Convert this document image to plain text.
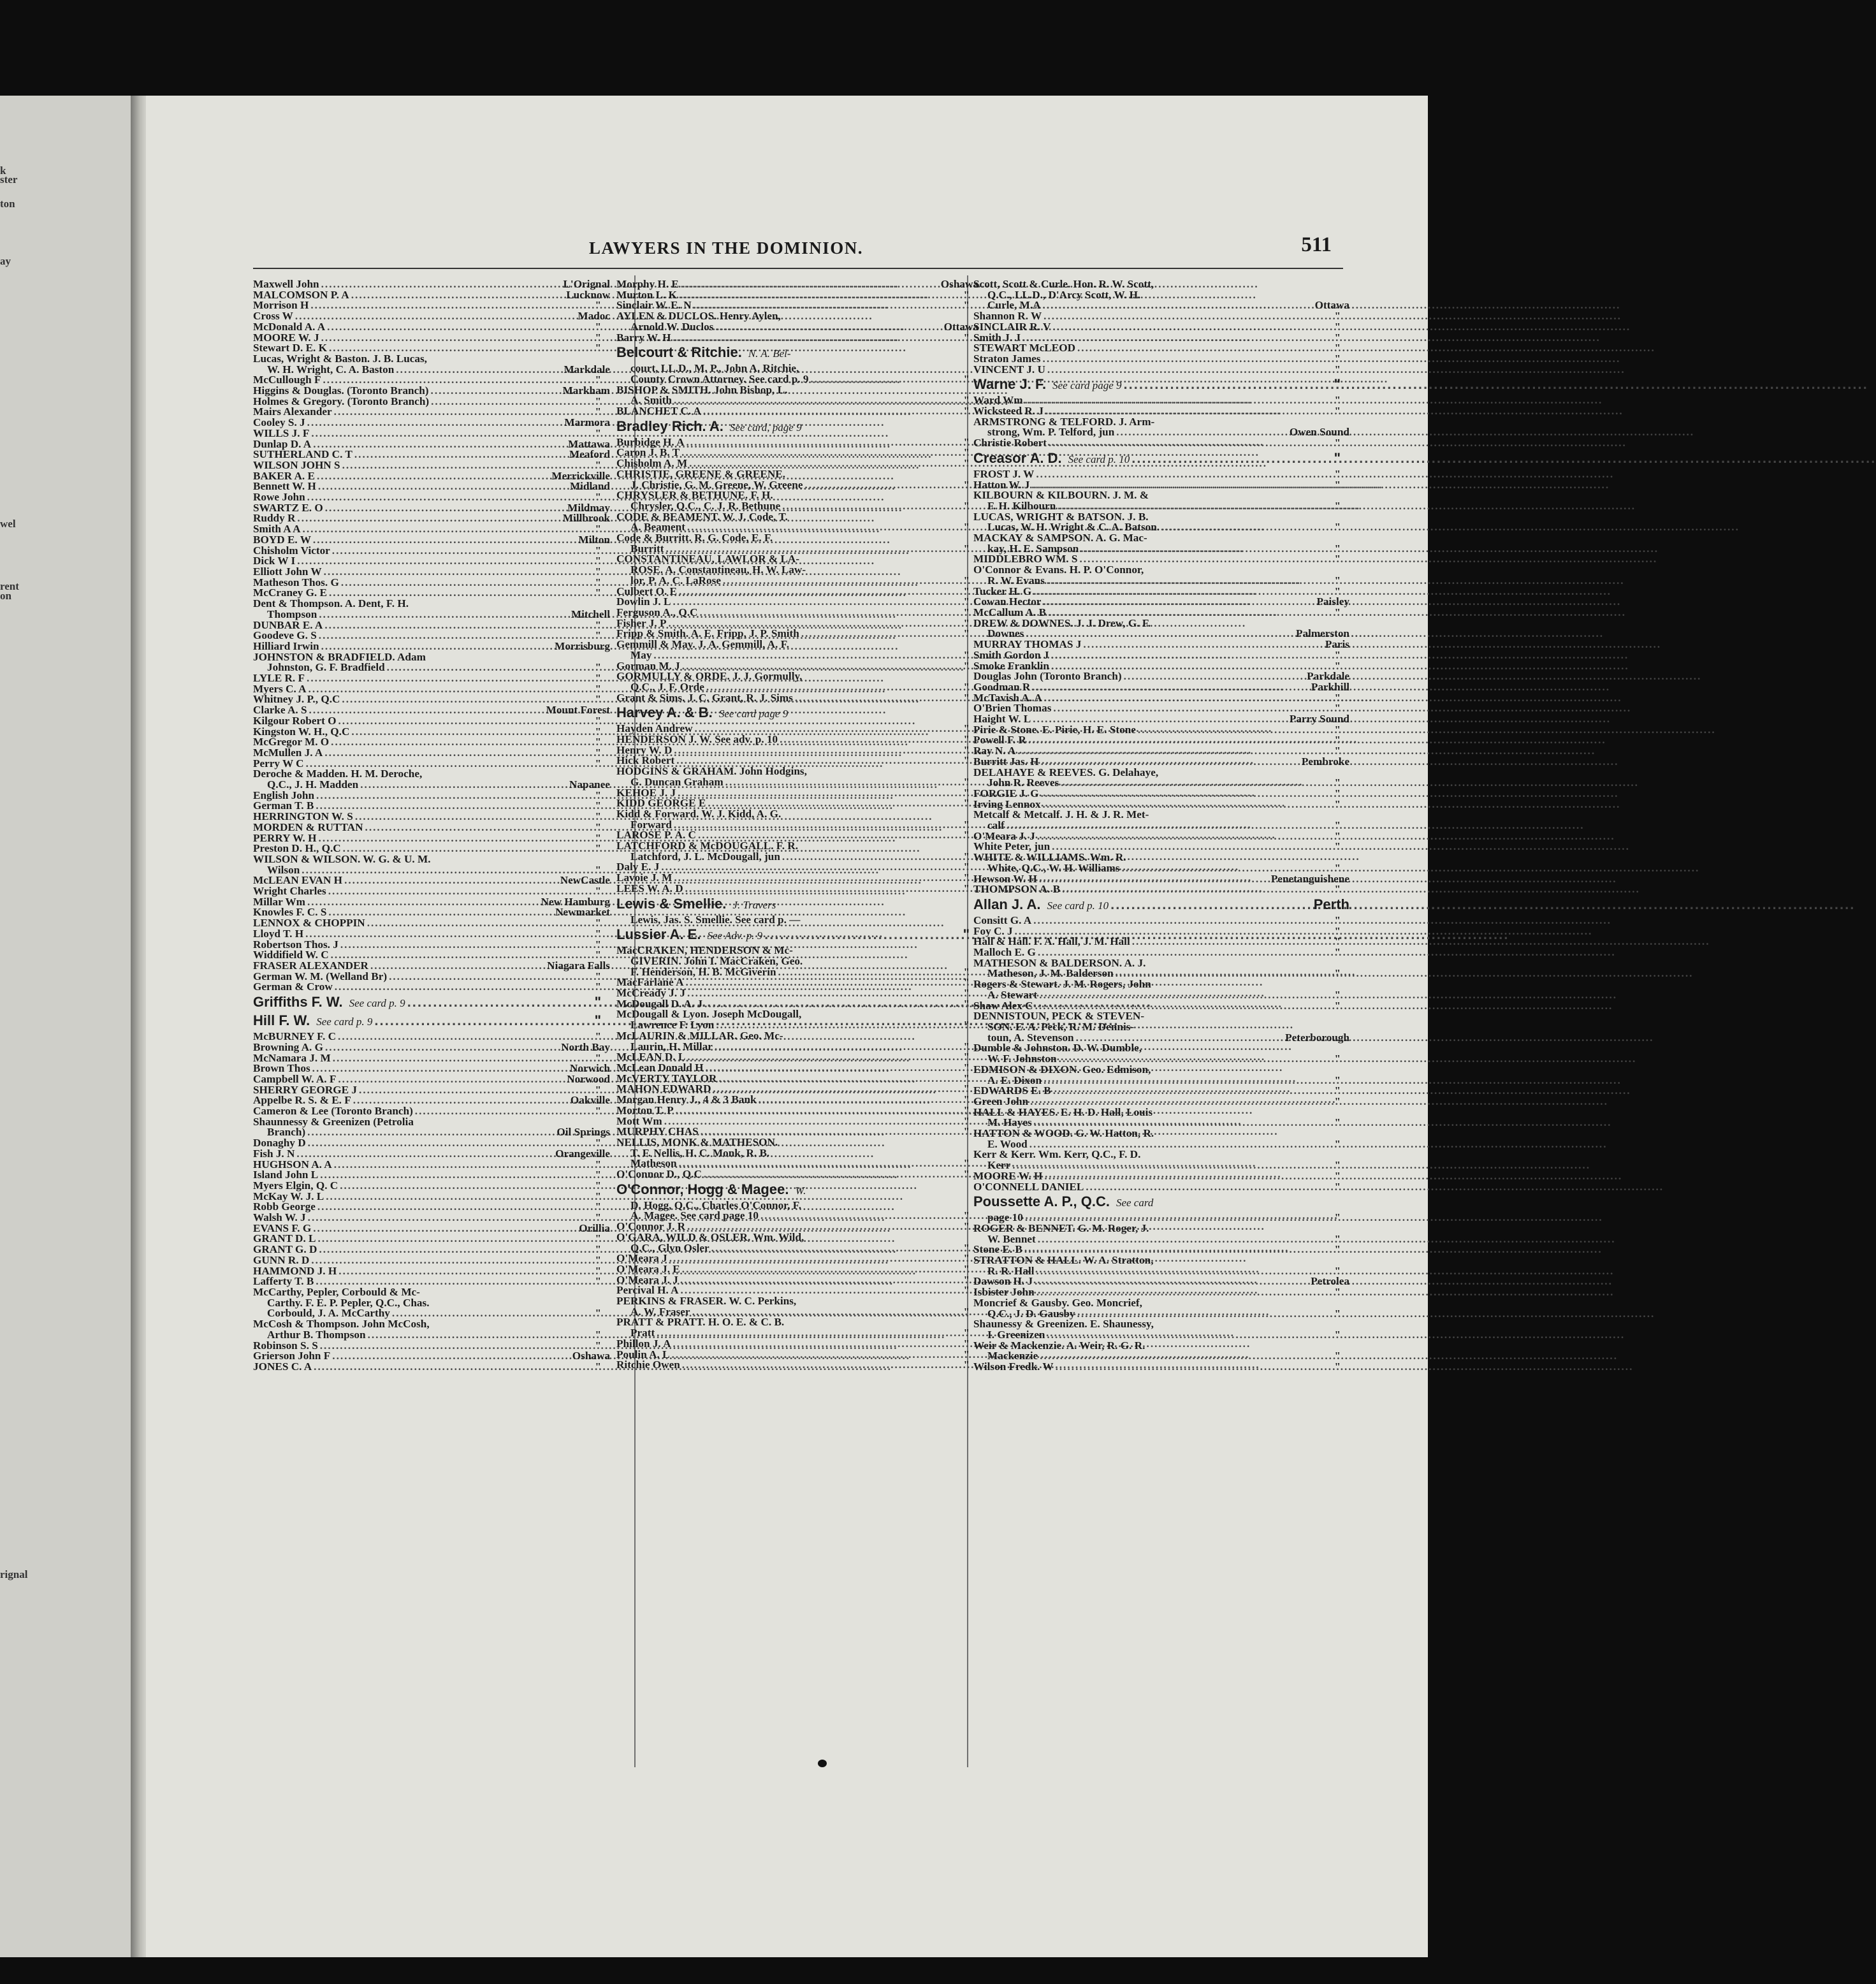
k
ster
ton
ay
wel
rent
on
rignal
LAWYERS IN THE DOMINION.	511
Maxwell John .....	L'Orignal
MALCOMSON P. A .....	Lucknow
Morrison H .....	"
Cross W .....	Madoc
McDonald A. A .....	"
MOORE W. J .....	"
Stewart D. E. K .....	"
Lucas, Wright & Baston. J. B. Lucas,
W. H. Wright, C. A. Baston .....	Markdale
McCullough F .....	"
Higgins & Douglas. (Toronto Branch) .....	Markham
Holmes & Gregory. (Toronto Branch) .....	"
Mairs Alexander .....	"
Cooley S. J .....	Marmora
WILLS J. F .....	"
Dunlap D. A .....	Mattawa
SUTHERLAND C. T .....	Meaford
WILSON JOHN S .....	"
BAKER A. E .....	Merrickville
Bennett W. H .....	Midland
Rowe John .....	"
SWARTZ E. O .....	Mildmay
Ruddy R .....	Millbrook
Smith A A .....	"
BOYD E. W .....	Milton
Chisholm Victor .....	"
Dick W I .....	"
Elliott John W .....	"
Matheson Thos. G .....	"
McCraney G. E .....	"
Dent & Thompson. A. Dent, F. H.
Thompson .....	Mitchell
DUNBAR E. A .....	"
Goodeve G. S .....	"
Hilliard Irwin .....	Morrisburg
JOHNSTON & BRADFIELD. Adam
Johnston, G. F. Bradfield .....	"
LYLE R. F .....	"
Myers C. A .....	"
Whitney J. P., Q.C .....	"
Clarke A. S .....	Mount Forest
Kilgour Robert O .....	"
Kingston W. H., Q.C .....	"
McGregor M. O .....	"
McMullen J. A .....	"
Perry W C .....	"
Deroche & Madden. H. M. Deroche,
Q.C., J. H. Madden .....	Napanee
English John .....	"
German T. B .....	"
HERRINGTON W. S .....	"
MORDEN & RUTTAN .....	"
PERRY W. H .....	"
Preston D. H., Q.C .....	"
WILSON & WILSON. W. G. & U. M.
Wilson .....	"
McLEAN EVAN H .....	NewCastle
Wright Charles .....	"
Millar Wm .....	New Hamburg
Knowles F. C. S .....	Newmarket
LENNOX & CHOPPIN .....	"
Lloyd T. H .....	"
Robertson Thos. J .....	"
Widdifield W. C .....	"
FRASER ALEXANDER .....	Niagara Falls
German W. M. (Welland Br) .....	"
German & Crow .....	"
Griffiths F. W. See card p. 9 .....	"
Hill F. W. See card p. 9 .....	"
McBURNEY F. C .....	"
Browning A. G .....	North Bay
McNamara J. M .....	"
Brown Thos .....	Norwich
Campbell W. A. F .....	Norwood
SHERRY GEORGE J .....	"
Appelbe R. S. & E. F .....	Oakville
Cameron & Lee (Toronto Branch) .....	"
Shaunnessy & Greenizen (Petrolia
Branch) .....	Oil Springs
Donaghy D .....	"
Fish J. N .....	Orangeville
HUGHSON A. A .....	"
Island John L .....	"
Myers Elgin, Q. C .....	"
McKay W. J. L .....	"
Robb George .....	"
Walsh W. J .....	"
EVANS F. G .....	Orillia
GRANT D. L .....	"
GRANT G. D .....	"
GUNN R. D .....	"
HAMMOND J. H .....	"
Lafferty T. B .....	"
McCarthy, Pepler, Corbould & Mc-
Carthy. F. E. P. Pepler, Q.C., Chas.
Corbould, J. A. McCarthy .....	"
McCosh & Thompson. John McCosh,
Arthur B. Thompson .....	"
Robinson S. S .....	"
Grierson John F .....	Oshawa
JONES C. A .....	"
Morphy H. E .....	Oshawa
Murton L. K .....	"
Sinclair W. E. N .....	"
AYLEN & DUCLOS. Henry Aylen,
Arnold W. Duclos .....	Ottawa
Barry W. H .....	"
Belcourt & Ritchie. N. A. Bel-
court, LL.D., M. P., John A. Ritchie,
County Crown Attorney. See card p. 9 .....	"
BISHOP & SMITH. John Bishop, L.
A. Smith .....	"
BLANCHET C. A .....	"
Bradley Rich. A. See card, page 9
Burbidge H. A .....	"
Caron J. B. T .....	"
Chisholm A. M .....	"
CHRISTIE, GREENE & GREENE.
J. Christie, G. M. Greene, W. Greene .....	"
CHRYSLER & BETHUNE. F. H.
Chrysler, Q.C., C. J. R. Bethune .....	"
CODE & BEAMENT. W. J. Code, T.
A. Beament .....	"
Code & Burritt. R. G. Code, E. F.
Burritt .....	"
CONSTANTINEAU, LAWLOR & LA-
ROSE. A. Constantineau, H. W. Law-
lor, P. A. C. LaRose .....	"
Culbert O. E .....	"
Dowlin J. L .....	"
Ferguson A., Q.C .....	"
Fisher J. P .....	"
Fripp & Smith. A. E. Fripp, J. P. Smith .....	"
Gemmill & May. J. A. Gemmill, A. F.
May .....	"
Gorman M. J .....	"
GORMULLY & ORDE. J. J. Gormully,
Q.C., J. F. Orde .....	"
Grant & Sims. J. C. Grant, R. J. Sims .....	"
Harvey A. & B. See card page 9
Hayden Andrew .....	"
HENDERSON J. W. See adv. p. 10 .....	"
Henry W. D .....	"
Hick Robert .....	"
HODGINS & GRAHAM. John Hodgins,
G. Duncan Graham .....	"
KEHOE J. J .....	"
KIDD GEORGE E .....	"
Kidd & Forward. W. J. Kidd, A. G.
Forward .....	"
LAROSE P. A. C .....	"
LATCHFORD & McDOUGALL. F. R.
Latchford, J. L. McDougall, jun .....	"
Daly E. J .....	"
Lavoie J. M .....	"
LEES W. A. D .....	"
Lewis & Smellie. J. Travers
Lewis, Jas. S. Smellie. See card p. —
Lussier A. E. See Adv. p. 9 .....	"
MacCRAKEN, HENDERSON & Mc-
GIVERIN. John I. MacCraken, Geo.
F. Henderson, H. B. McGiverin .....	"
MacFarlane A .....	"
McCready J. J .....	"
McDougall D. A. J .....	"
McDougall & Lyon. Joseph McDougall,
Lawrence F. Lyon .....	"
McLAURIN & MILLAR. Geo. Mc-
Laurin, H. Millar .....	"
McLEAN D. L .....	"
McLean Donald H .....	"
McVERTY TAYLOR .....	"
MAHON EDWARD .....	"
Morgan Henry J., 4 & 3 Bank .....	"
Morton T. P .....	"
Mott Wm .....	"
MURPHY CHAS .....	"
NELLIS, MONK & MATHESON.
T. F. Nellis, H. C. Monk, R. B.
Matheson .....	"
O'Connor D., Q.C .....	"
O'Connor, Hogg & Magee. W.
D. Hogg, Q.C., Charles O'Connor, F.
A. Magee. See card page 10 .....	"
O'Connor J. R .....	"
O'GARA, WILD & OSLER. Wm. Wild,
Q.C., Glyn Osler .....	"
O'Meara J .....	"
O'Meara J. E .....	"
O'Meara J. J .....	"
Percival H. A .....	"
PERKINS & FRASER. W. C. Perkins,
A. W. Fraser .....	"
PRATT & PRATT. H. O. E. & C. B.
Pratt .....	"
Phillon J. A .....	"
Poulin A. L .....	"
Ritchie Owen .....	"
Scott, Scott & Curle. Hon. R. W. Scott,
Q.C., LL.D., D'Arcy Scott, W. H.
Curle, M.A .....	Ottawa
Shannon R. W .....	"
SINCLAIR R. V .....	"
Smith J. J .....	"
STEWART McLEOD .....	"
Straton James .....	"
VINCENT J. U .....	"
Warne J. F. See card page 9 .....	"
Ward Wm .....	"
Wicksteed R. J .....	"
ARMSTRONG & TELFORD. J. Arm-
strong, Wm. P. Telford, jun .....	Owen Sound
Christie Robert .....	"
Creasor A. D. See card p. 10 .....	"
FROST J. W .....	"
Hatton W. J .....	"
KILBOURN & KILBOURN. J. M. &
F. H. Kilbourn .....	"
LUCAS, WRIGHT & BATSON. J. B.
Lucas, W. H. Wright & C. A. Batson. .....	"
MACKAY & SAMPSON. A. G. Mac-
kay, H. E. Sampson .....	"
MIDDLEBRO WM. S .....	"
O'Connor & Evans. H. P. O'Connor,
R. W. Evans .....	"
Tucker H. G .....	"
Cowan Hector .....	Paisley
McCallum A. B .....	"
DREW & DOWNES. J. J. Drew, G. F.
Downes .....	Palmerston
MURRAY THOMAS J .....	Paris
Smith Gordon J .....	"
Smoke Franklin .....	"
Douglas John (Toronto Branch) .....	Parkdale
Goodman R .....	Parkhill
McTavish A. A .....	"
O'Brien Thomas .....	"
Haight W. L .....	Parry Sound
Pirie & Stone. E. Pirie, H. E. Stone .....	"
Powell F. R .....	"
Ray N. A .....	"
Burritt Jas. H .....	Pembroke
DELAHAYE & REEVES. G. Delahaye,
John R. Reeves .....	"
FORGIE J. G .....	"
Irving Lennox .....	"
Metcalf & Metcalf. J. H. & J. R. Met-
calf .....	"
O'Meara J. J .....	"
White Peter, jun .....	"
WHITE & WILLIAMS. Wm. R.
White, Q.C., W. H. Williams .....	"
Hewson W. H .....	Penetanguishene
THOMPSON A. B .....	"
Allan J. A. See card p. 10 .....	Perth
Consitt G. A .....	"
Foy C. J .....	"
Hall & Hall. F. A. Hall, J. M. Hall .....	"
Malloch E. G .....	"
MATHESON & BALDERSON. A. J.
Matheson, J. M. Balderson .....	"
Rogers & Stewart. J. M. Rogers, John
A. Stewart .....	"
Shaw Alex C .....	"
DENNISTOUN, PECK & STEVEN-
SON. E. A. Peck, R. M. Dennis-
toun, A. Stevenson .....	Peterborough
Dumble & Johnston. D. W. Dumble,
W. F. Johnston .....	"
EDMISON & DIXON. Geo. Edmison,
A. E. Dixon .....	"
EDWARDS E. B .....	"
Green John .....	"
HALL & HAYES. E. H. D. Hall, Louis
M. Hayes .....	"
HATTON & WOOD. G. W. Hatton, R.
E. Wood .....	"
Kerr & Kerr. Wm. Kerr, Q.C., F. D.
Kerr .....	"
MOORE W. H .....	"
O'CONNELL DANIEL .....	"
Poussette A. P., Q.C. See card
page 10 .....	"
ROGER & BENNET. G. M. Roger, J.
W. Bennet .....	"
Stone E. B .....	"
STRATTON & HALL. W. A. Stratton,
R. R. Hall .....	"
Dawson H. J .....	Petrolea
Isbister John .....	"
Moncrief & Gausby. Geo. Moncrief,
Q.C., J. D. Gausby .....	"
Shaunessy & Greenizen. E. Shaunessy,
I. Greenizen .....	"
Weir & Mackenzie. A. Weir, R. G. R.
Mackenzie .....	"
Wilson Fredk. W .....	"
